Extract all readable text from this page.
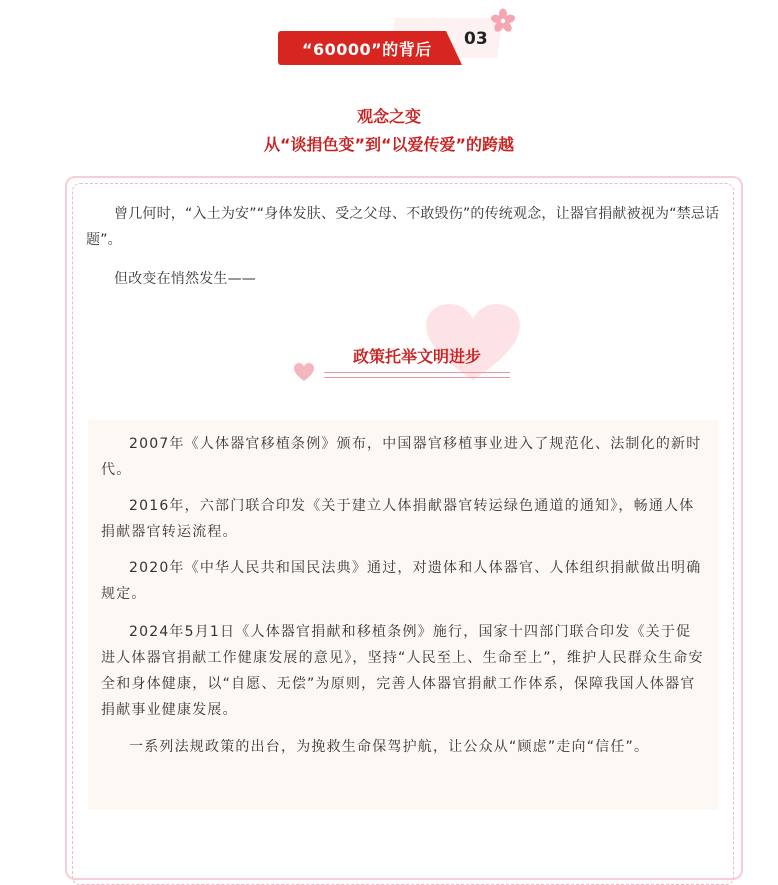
“60000”的背后
03
观念之变
从“谈捐色变”到“以爱传爱”的跨越

曾几何时，“入土为安”“身体发肤、受之父母、不敢毁伤”的传统观念，让器官捐献被视为“禁忌话题”。

但改变在悄然发生——

政策托举文明进步

2007年《人体器官移植条例》颁布，中国器官移植事业进入了规范化、法制化的新时代。

2016年，六部门联合印发《关于建立人体捐献器官转运绿色通道的通知》，畅通人体捐献器官转运流程。

2020年《中华人民共和国民法典》通过，对遗体和人体器官、人体组织捐献做出明确规定。

2024年5月1日《人体器官捐献和移植条例》施行，国家十四部门联合印发《关于促进人体器官捐献工作健康发展的意见》，坚持“人民至上、生命至上”，维护人民群众生命安全和身体健康，以“自愿、无偿”为原则，完善人体器官捐献工作体系，保障我国人体器官捐献事业健康发展。

一系列法规政策的出台，为挽救生命保驾护航，让公众从“顾虑”走向“信任”。
